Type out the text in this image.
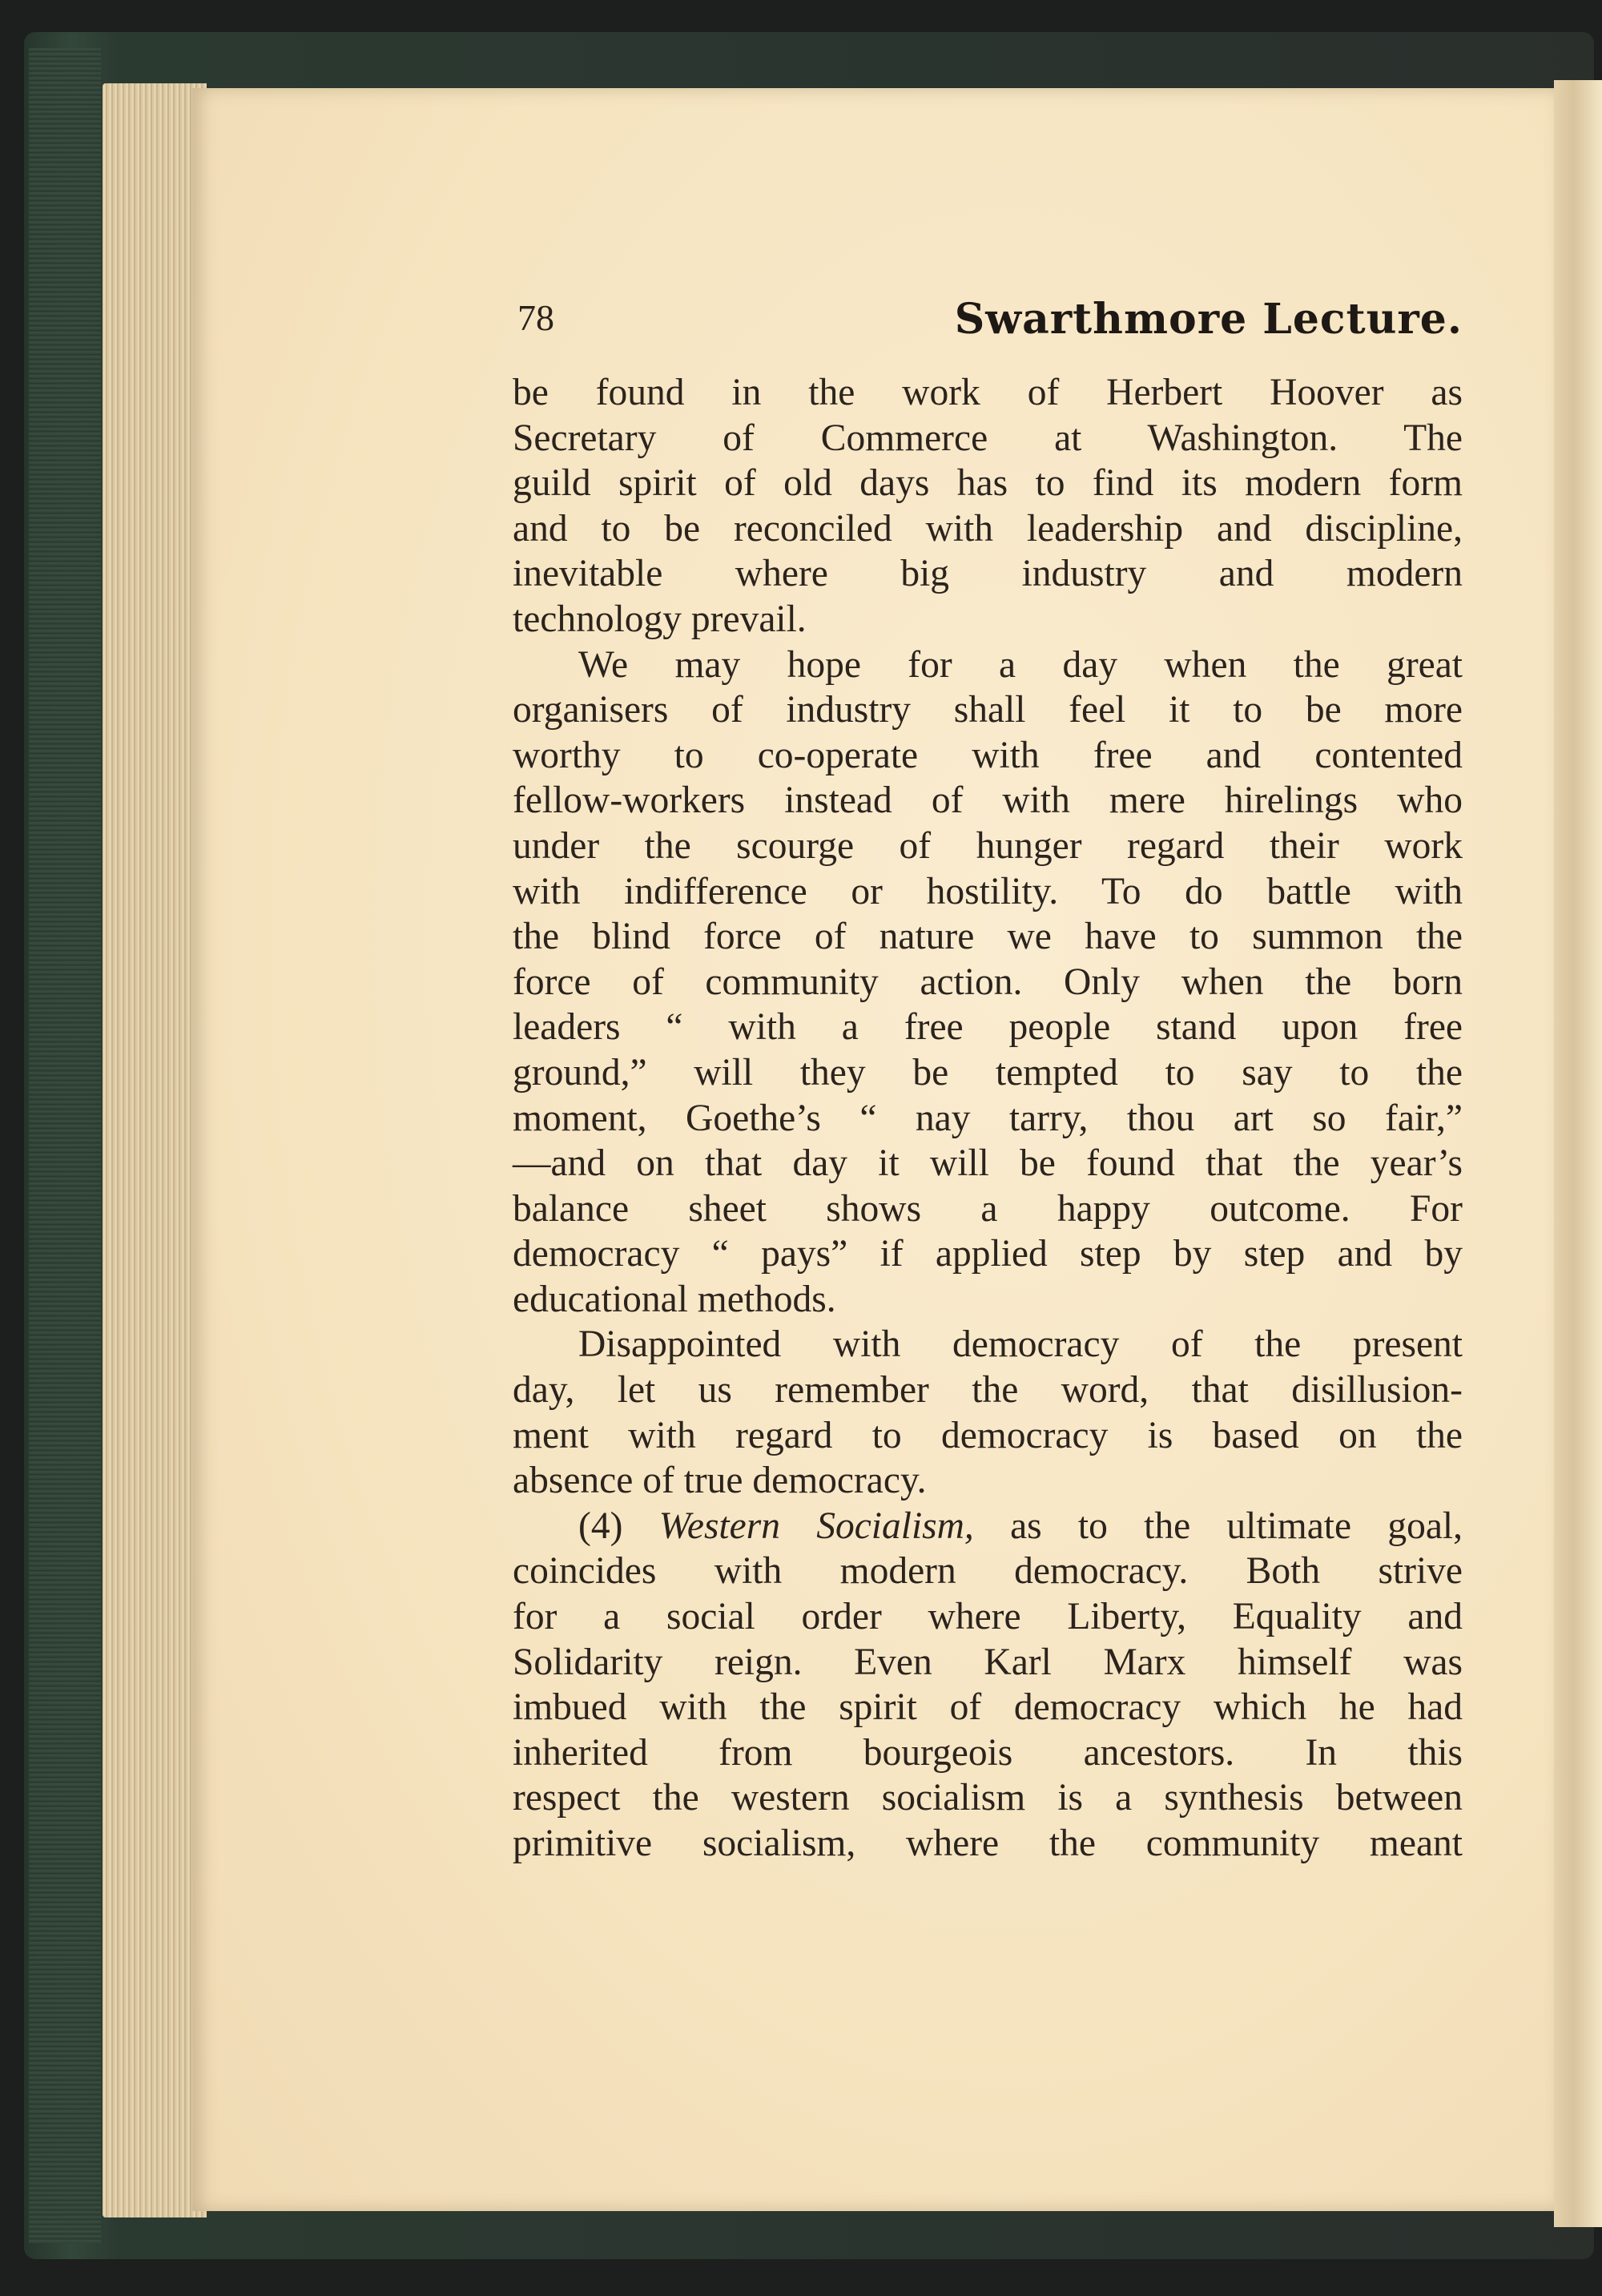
78	Swarthmore Lecture.

be found in the work of Herbert Hoover as
Secretary of Commerce at Washington. The
guild spirit of old days has to find its modern form
and to be reconciled with leadership and discipline,
inevitable where big industry and modern
technology prevail.

We may hope for a day when the great
organisers of industry shall feel it to be more
worthy to co-operate with free and contented
fellow-workers instead of with mere hirelings who
under the scourge of hunger regard their work
with indifference or hostility. To do battle with
the blind force of nature we have to summon the
force of community action. Only when the born
leaders “ with a free people stand upon free
ground,” will they be tempted to say to the
moment, Goethe’s “ nay tarry, thou art so fair,”
—and on that day it will be found that the year’s
balance sheet shows a happy outcome. For
democracy “ pays” if applied step by step and by
educational methods.

Disappointed with democracy of the present
day, let us remember the word, that disillusion-
ment with regard to democracy is based on the
absence of true democracy.

(4) Western Socialism, as to the ultimate goal,
coincides with modern democracy. Both strive
for a social order where Liberty, Equality and
Solidarity reign. Even Karl Marx himself was
imbued with the spirit of democracy which he had
inherited from bourgeois ancestors. In this
respect the western socialism is a synthesis between
primitive socialism, where the community meant
